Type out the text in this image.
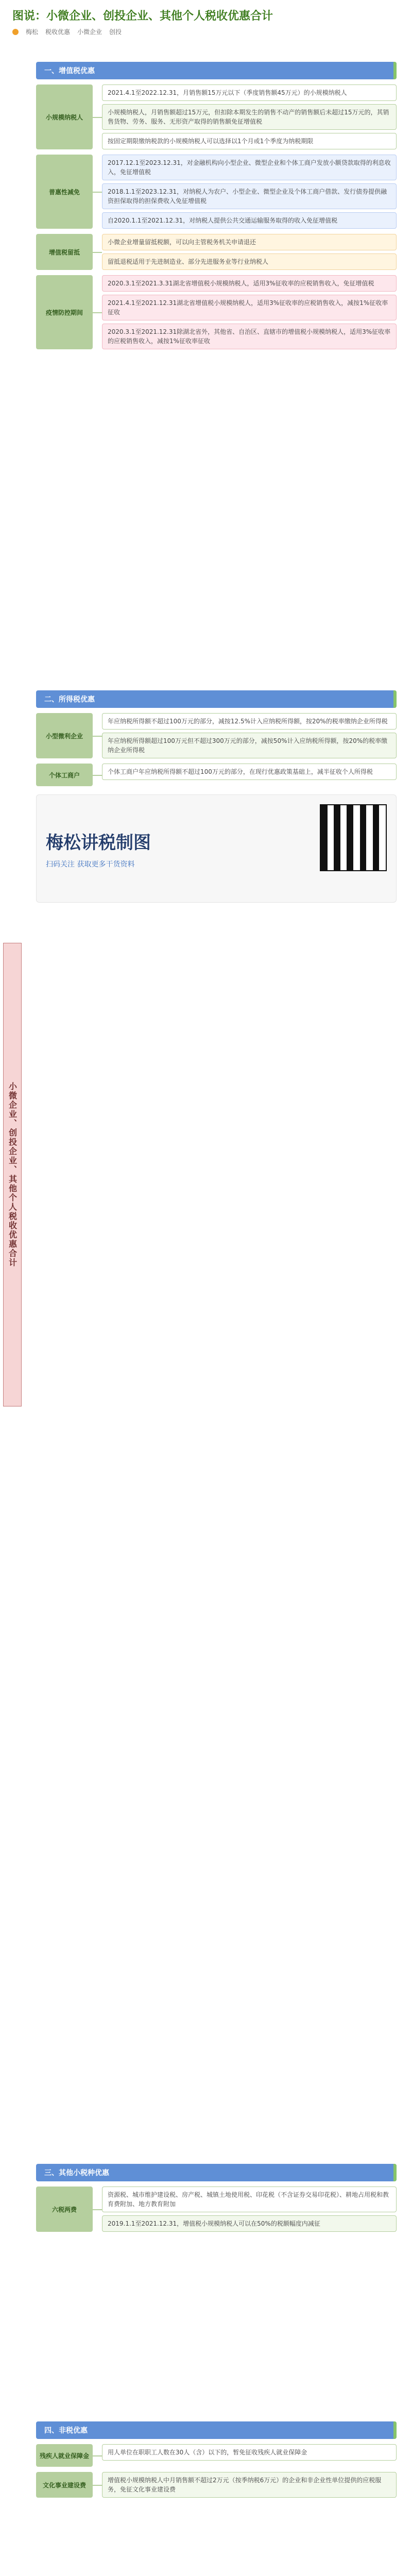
图说：小微企业、创投企业、其他个人税收优惠合计
梅松 税收优惠 小微企业 创投
小微企业、创投企业、其他个人税收优惠合计
一、增值税优惠
小规模纳税人
2021.4.1至2022.12.31，月销售额15万元以下（季度销售额45万元）的小规模纳税人
小规模纳税人，月销售额超过15万元，但扣除本期发生的销售不动产的销售额后未超过15万元的，其销售货物、劳务、服务、无形资产取得的销售额免征增值税
按固定期限缴纳税款的小规模纳税人可以选择以1个月或1个季度为纳税期限
普惠性减免
2017.12.1至2023.12.31，对金融机构向小型企业、微型企业和个体工商户发放小额贷款取得的利息收入，免征增值税
2018.1.1至2023.12.31，对纳税人为农户、小型企业、微型企业及个体工商户借款、发行债券提供融资担保取得的担保费收入免征增值税
自2020.1.1至2021.12.31，对纳税人提供公共交通运输服务取得的收入免征增值税
增值税留抵
小微企业增量留抵税额，可以向主管税务机关申请退还
留抵退税适用于先进制造业、部分先进服务业等行业纳税人
疫情防控期间
2020.3.1至2021.3.31湖北省增值税小规模纳税人，适用3%征收率的应税销售收入，免征增值税
2021.4.1至2021.12.31湖北省增值税小规模纳税人，适用3%征收率的应税销售收入，减按1%征收率征收
2020.3.1至2021.12.31除湖北省外，其他省、自治区、直辖市的增值税小规模纳税人，适用3%征收率的应税销售收入，减按1%征收率征收
二、所得税优惠
小型微利企业
年应纳税所得额不超过100万元的部分，减按12.5%计入应纳税所得额，按20%的税率缴纳企业所得税
年应纳税所得额超过100万元但不超过300万元的部分，减按50%计入应纳税所得额，按20%的税率缴纳企业所得税
个体工商户	个体工商户年应纳税所得额不超过100万元的部分，在现行优惠政策基础上，减半征收个人所得税
梅松讲税制图
扫码关注 获取更多干货资料
三、其他小税种优惠
六税两费
资源税、城市维护建设税、房产税、城镇土地使用税、印花税（不含证券交易印花税）、耕地占用税和教育费附加、地方教育附加
2019.1.1至2021.12.31，增值税小规模纳税人可以在50%的税额幅度内减征
四、非税优惠
残疾人就业保障金	用人单位在职职工人数在30人（含）以下的，暂免征收残疾人就业保障金
文化事业建设费
增值税小规模纳税人中月销售额不超过2万元（按季纳税6万元）的企业和非企业性单位提供的应税服务，免征文化事业建设费
